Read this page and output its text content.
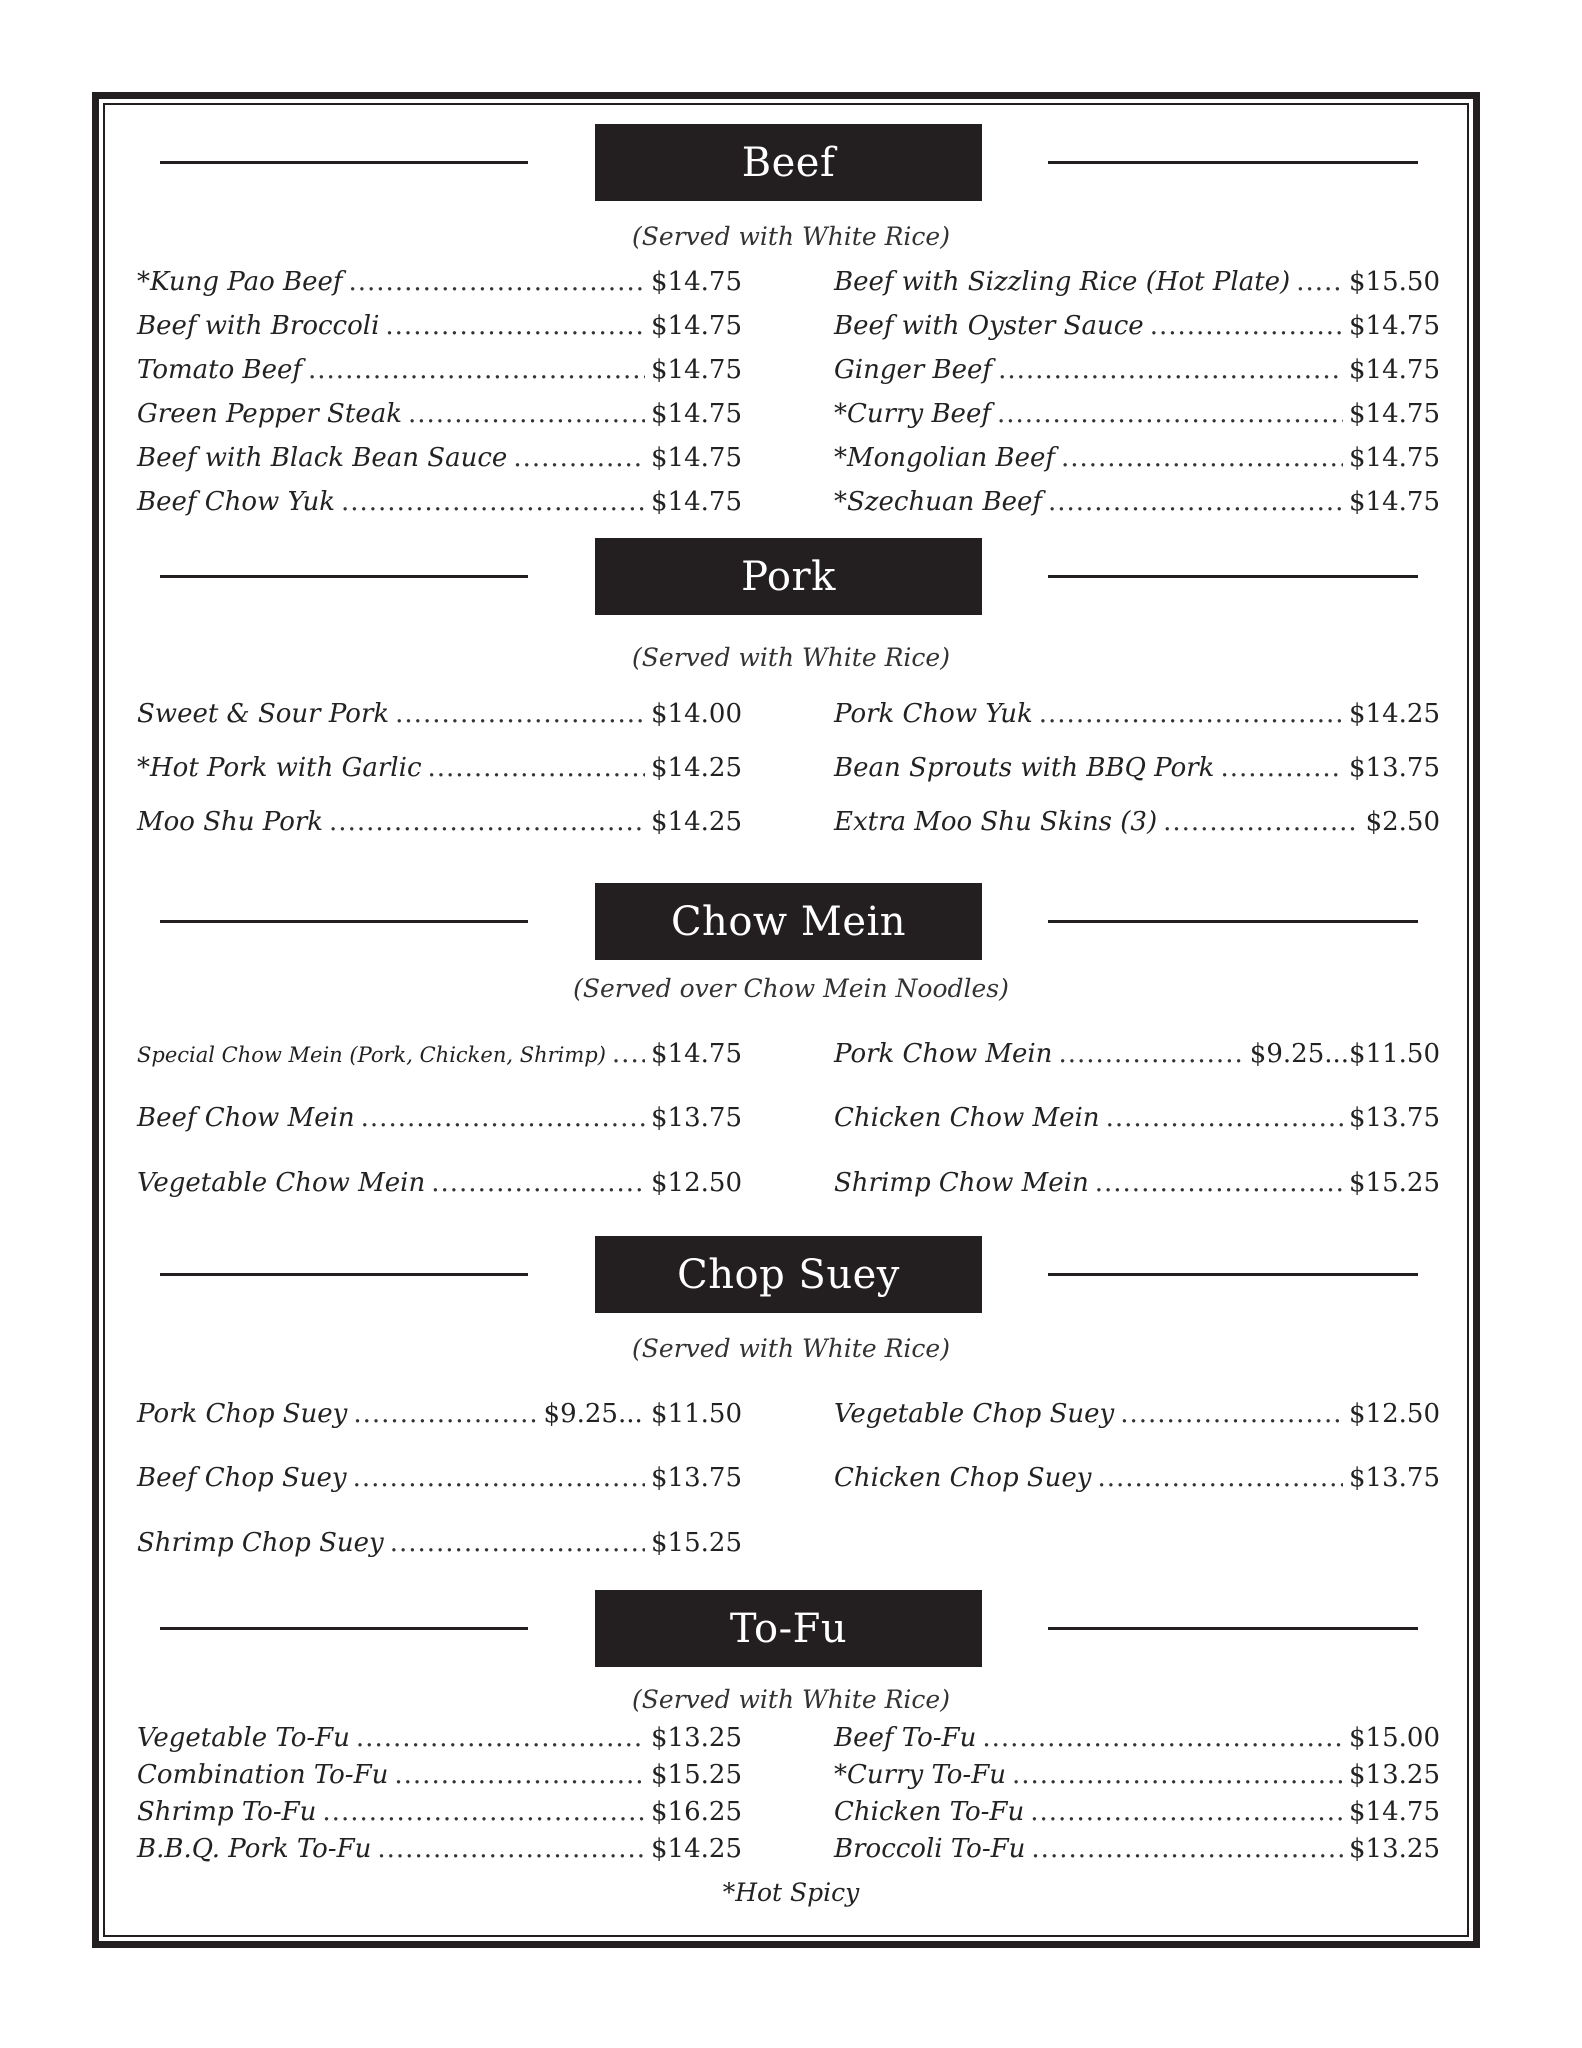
Beef
(Served with White Rice)
*Kung Pao Beef .....	$14.75
Beef with Broccoli .....	$14.75
Tomato Beef .....	$14.75
Green Pepper Steak .....	$14.75
Beef with Black Bean Sauce .....	$14.75
Beef Chow Yuk .....	$14.75
Beef with Sizzling Rice (Hot Plate) ..... $15.50
Beef with Oyster Sauce .....	$14.75
Ginger Beef .....	$14.75
*Curry Beef .....	$14.75
*Mongolian Beef .....	$14.75
*Szechuan Beef .....	$14.75
Pork
(Served with White Rice)
Sweet & Sour Pork .....	$14.00
*Hot Pork with Garlic .....	$14.25
Moo Shu Pork .....	$14.25
Pork Chow Yuk .....	$14.25
Bean Sprouts with BBQ Pork .....	$13.75
Extra Moo Shu Skins (3) .....	$2.50
Chow Mein
(Served over Chow Mein Noodles)
Special Chow Mein (Pork, Chicken, Shrimp) ..... $14.75
Beef Chow Mein .....	$13.75
Vegetable Chow Mein .....	$12.50
Pork Chow Mein .....	$9.25...$11.50
Chicken Chow Mein .....	$13.75
Shrimp Chow Mein .....	$15.25
Chop Suey
(Served with White Rice)
Pork Chop Suey .....	$9.25... $11.50
Beef Chop Suey .....	$13.75
Shrimp Chop Suey .....	$15.25
Vegetable Chop Suey .....	$12.50
Chicken Chop Suey .....	$13.75
To-Fu
(Served with White Rice)
Vegetable To-Fu .....	$13.25
Combination To-Fu .....	$15.25
Shrimp To-Fu .....	$16.25
B.B.Q. Pork To-Fu .....	$14.25
Beef To-Fu .....	$15.00
*Curry To-Fu .....	$13.25
Chicken To-Fu .....	$14.75
Broccoli To-Fu .....	$13.25
*Hot Spicy
